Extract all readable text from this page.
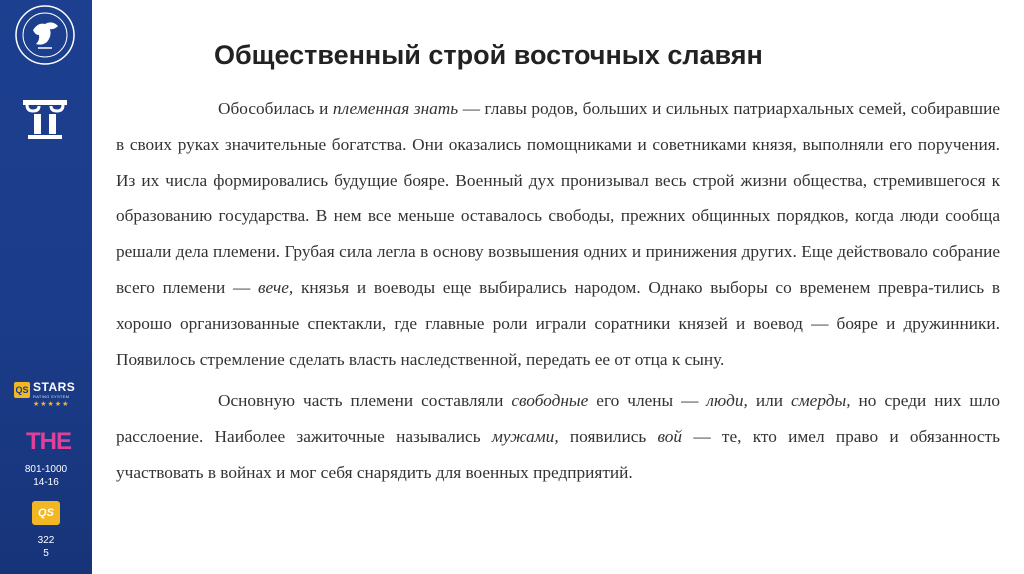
QS STARS
RATING SYSTEM
★★★★★
THE
801-1000
14-16
QS
322
5
Общественный строй восточных славян

Обособилась и племенная знать — главы родов, больших и сильных патриархальных семей, собиравшие в своих руках значительные богатства. Они оказались помощниками и советниками князя, выполняли его поручения. Из их числа формировались будущие бояре. Военный дух пронизывал весь строй жизни общества, стремившегося к образованию государства. В нем все меньше оставалось свободы, прежних общинных порядков, когда люди сообща решали дела племени. Грубая сила легла в основу возвышения одних и принижения других. Еще действовало собрание всего племени — вече, князья и воеводы еще выбирались народом. Однако выборы со временем превра-тились в хорошо организованные спектакли, где главные роли играли соратники князей и воевод — бояре и дружинники. Появилось стремление сделать власть наследственной, передать ее от отца к сыну.

Основную часть племени составляли свободные его члены — люди, или смерды, но среди них шло расслоение. Наиболее зажиточные назывались мужами, появились вой — те, кто имел право и обязанность участвовать в войнах и мог себя снарядить для военных предприятий.
